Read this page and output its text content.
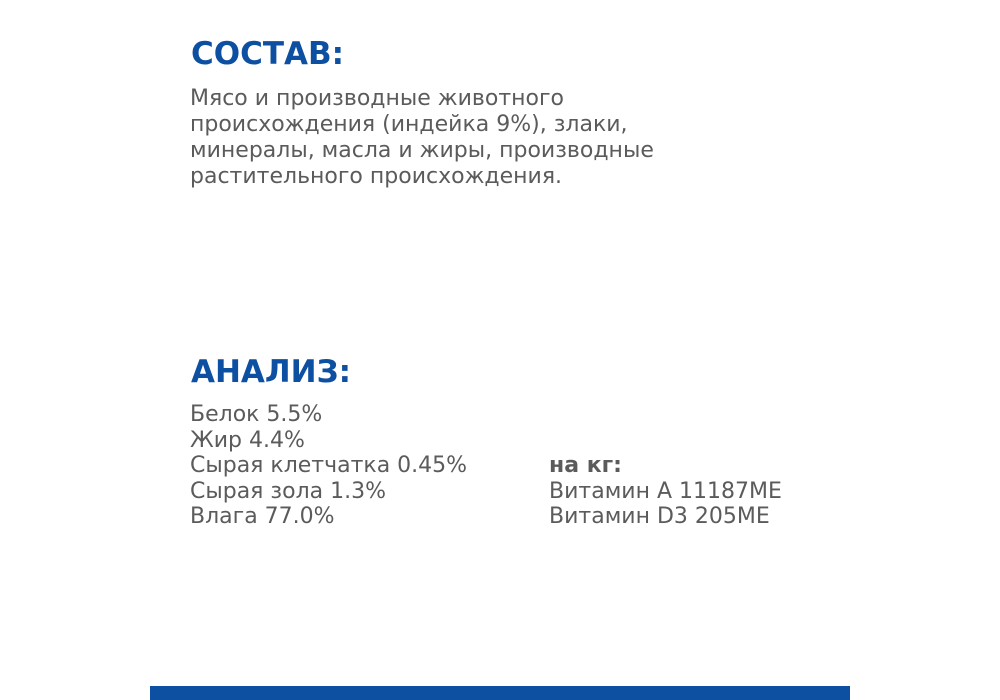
СОСТАВ:

Мясо и производные животного
происхождения (индейка 9%), злаки,
минералы, масла и жиры, производные
растительного происхождения.

АНАЛИЗ:
Белок 5.5%
Жир 4.4%
Сырая клетчатка 0.45%
Сырая зола 1.3%
Влага 77.0%
на кг:
Витамин А 11187МЕ
Витамин D3 205МЕ
